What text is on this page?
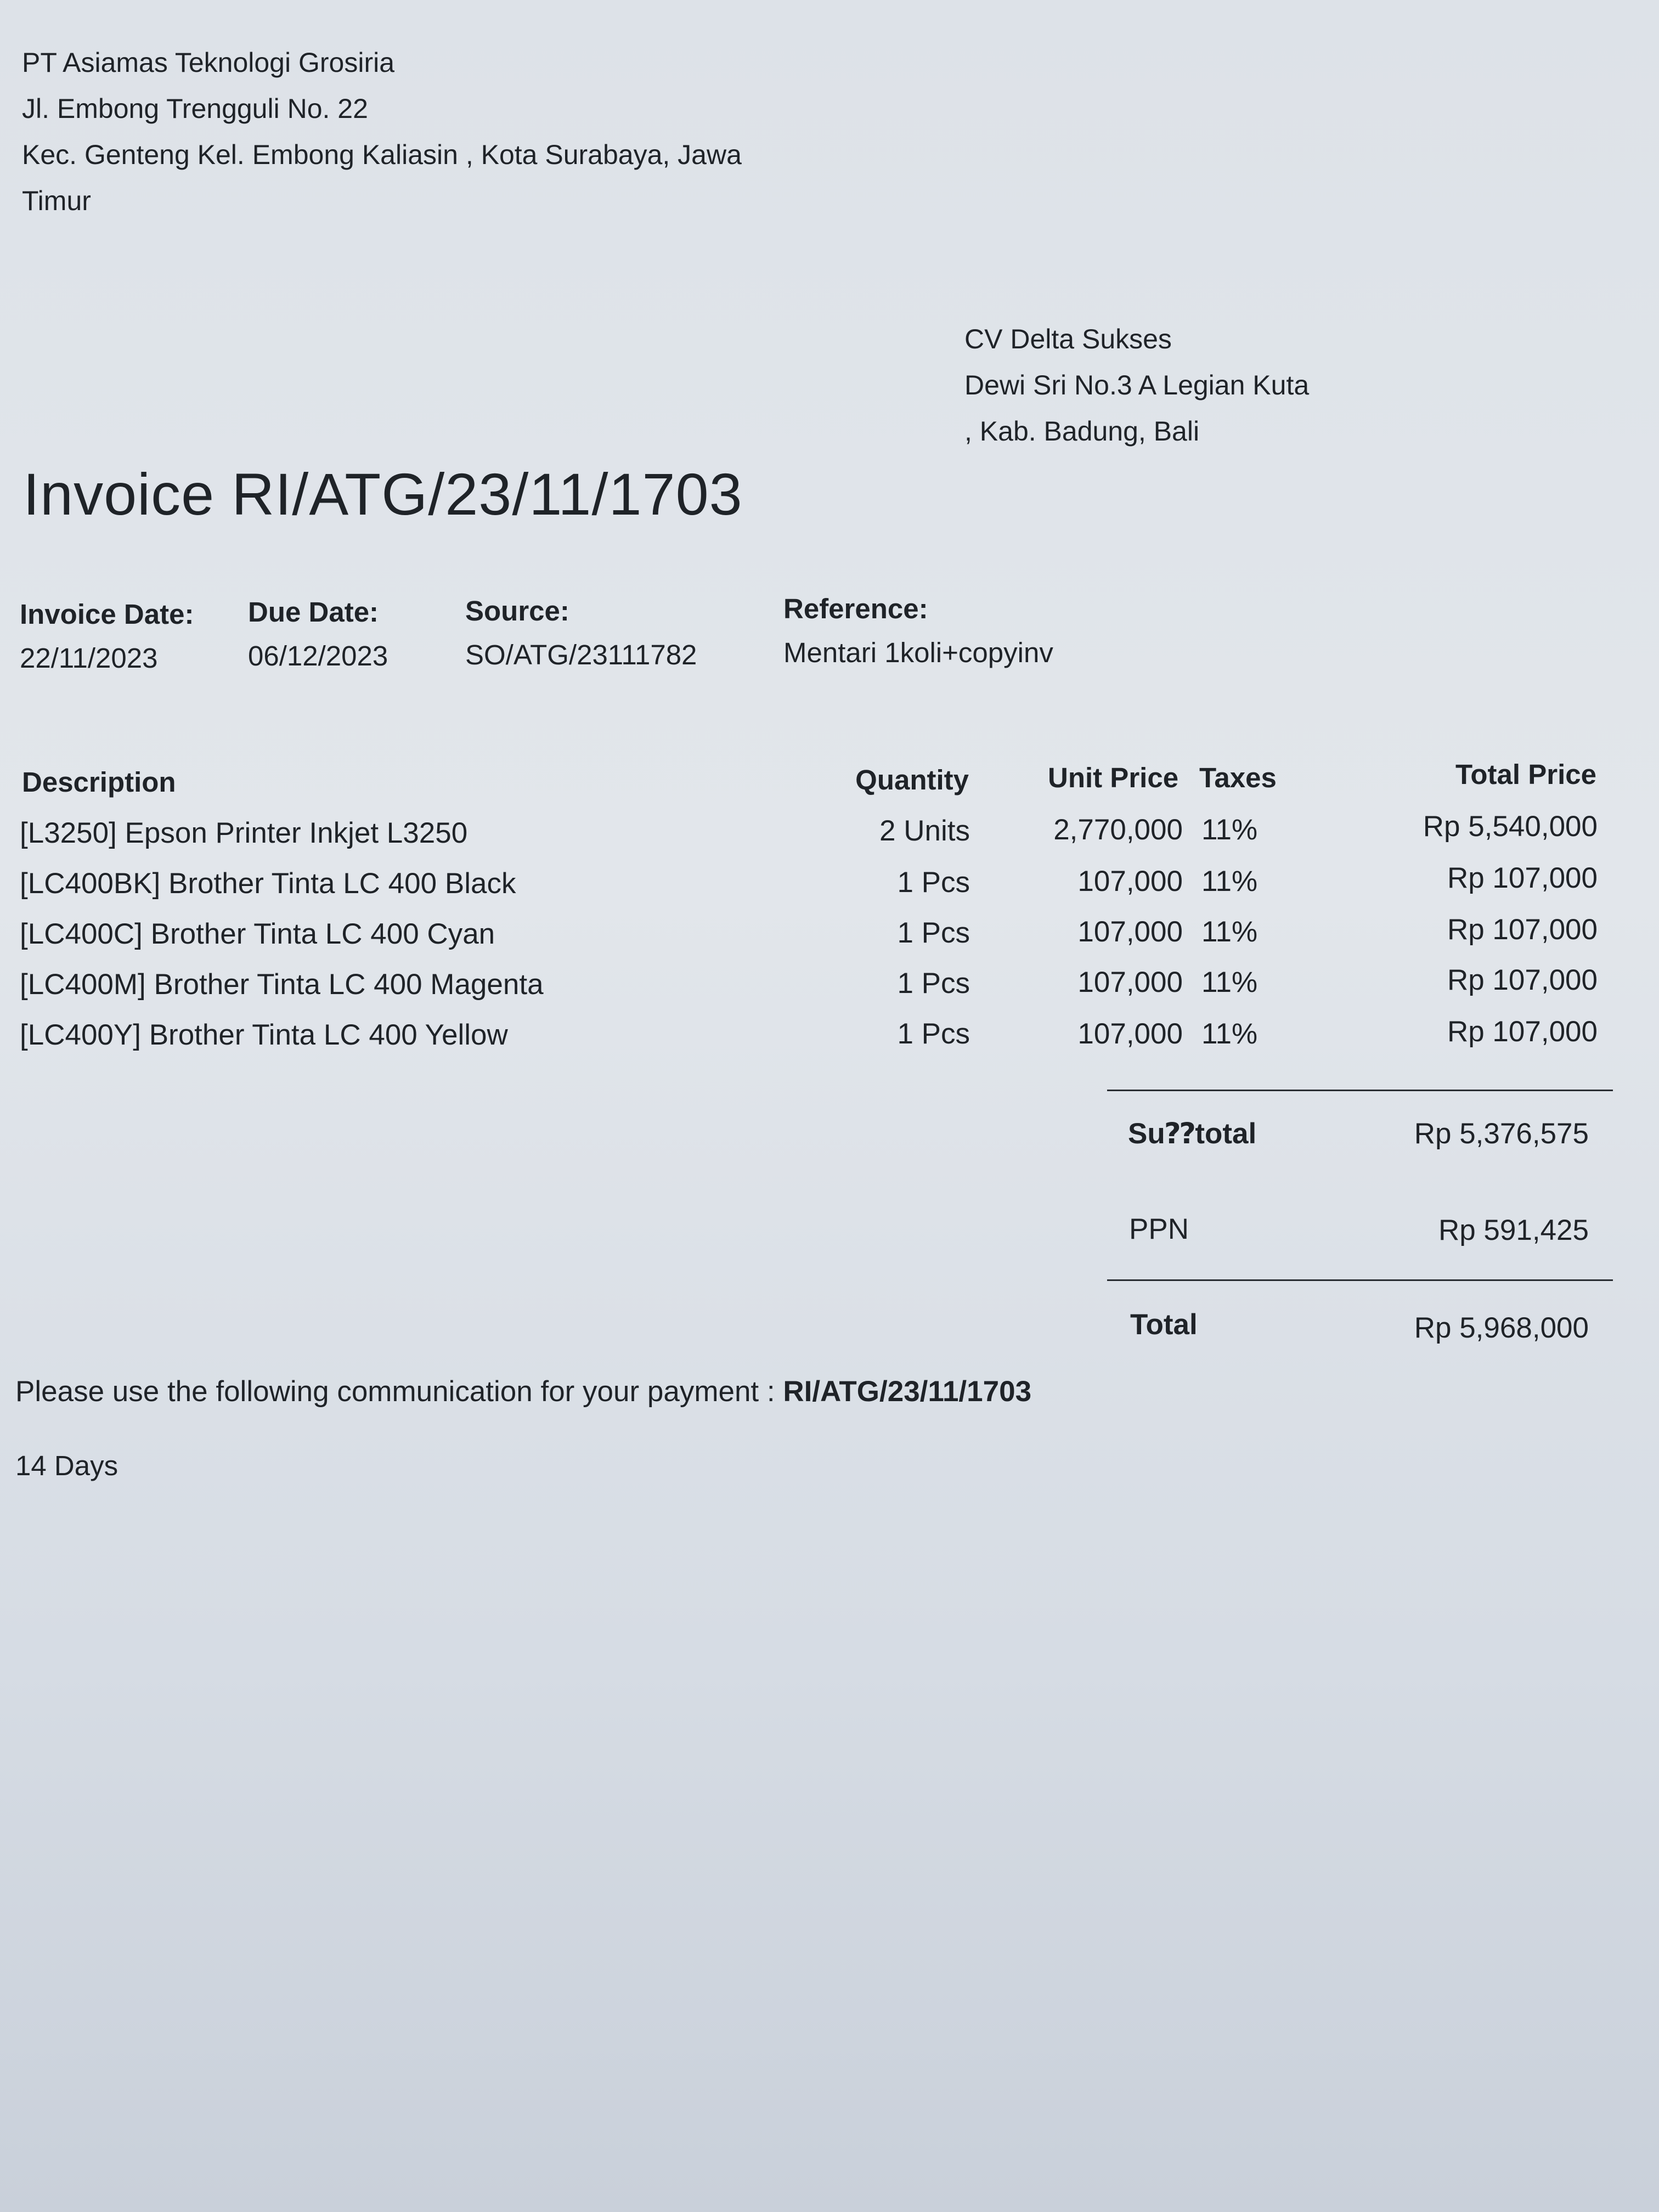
PT Asiamas Teknologi Grosiria
Jl. Embong Trengguli No. 22
Kec. Genteng Kel. Embong Kaliasin , Kota Surabaya, Jawa
Timur
CV Delta Sukses
Dewi Sri No.3 A Legian Kuta
, Kab. Badung, Bali
Invoice RI/ATG/23/11/1703
Invoice Date:
22/11/2023
Due Date:
06/12/2023
Source:
SO/ATG/23111782
Reference:
Mentari 1koli+copyinv
Description	Quantity	Unit Price Taxes	Total Price
[L3250] Epson Printer Inkjet L3250	2 Units	2,770,000 11%	Rp 5,540,000
[LC400BK] Brother Tinta LC 400 Black	1 Pcs	107,000 11%	Rp 107,000
[LC400C] Brother Tinta LC 400 Cyan	1 Pcs	107,000 11%	Rp 107,000
[LC400M] Brother Tinta LC 400 Magenta	1 Pcs	107,000 11%	Rp 107,000
[LC400Y] Brother Tinta LC 400 Yellow	1 Pcs	107,000 11%	Rp 107,000
Su⁇total	Rp 5,376,575
PPN	Rp 591,425
Total	Rp 5,968,000
Please use the following communication for your payment : RI/ATG/23/11/1703
14 Days
